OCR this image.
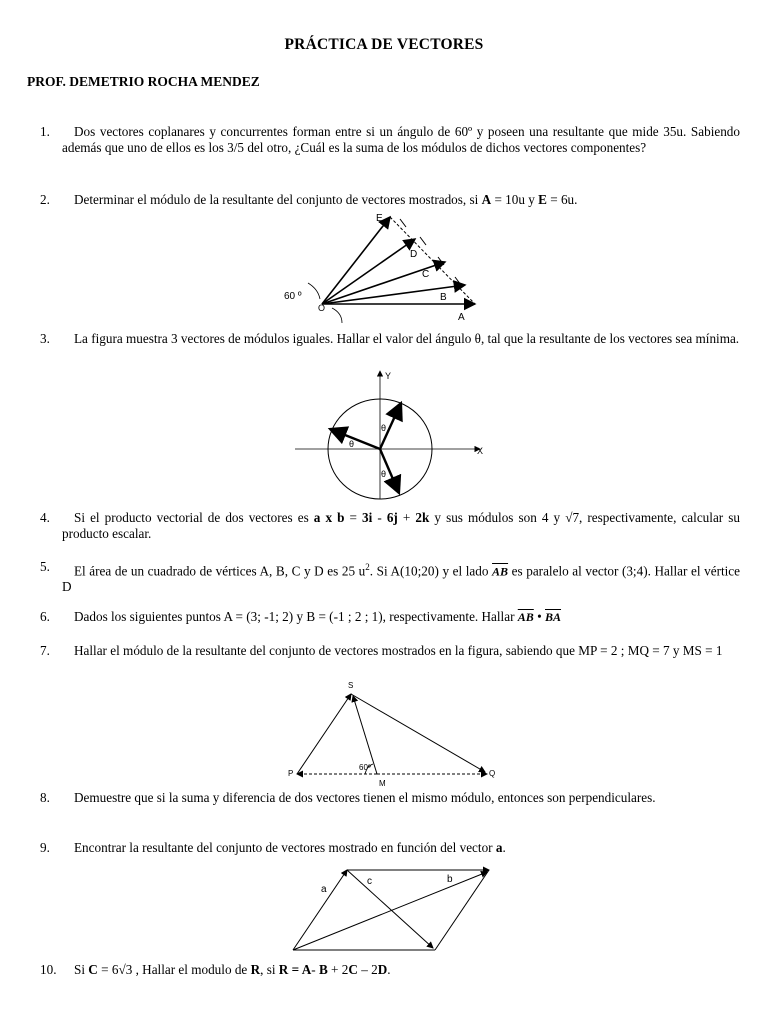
PRÁCTICA DE VECTORES
PROF. DEMETRIO ROCHA MENDEZ
1.	Dos vectores coplanares y concurrentes forman entre si un ángulo de 60º y poseen una resultante que mide 35u. Sabiendo además que uno de ellos es los 3/5 del otro, ¿Cuál es la suma de los módulos de dichos vectores componentes?
2.	Determinar el módulo de la resultante del conjunto de vectores mostrados, si A = 10u y E = 6u.
60 º
O
E
D
C
B
A
3.	La figura muestra 3 vectores de módulos iguales. Hallar el valor del ángulo θ, tal que la resultante de los vectores sea mínima.
Y
X
θ
θ
θ
4.	Si el producto vectorial de dos vectores es a x b = 3i - 6j + 2k y sus módulos son 4 y √7, respectivamente, calcular su producto escalar.
5.	El área de un cuadrado de vértices A, B, C y D es 25 $u^2$. Si A(10;20) y el lado $\overline{AB}$ es paralelo al vector (3;4). Hallar el vértice D
6.	Dados los siguientes puntos A = (3; -1; 2) y B = (-1 ; 2 ; 1), respectivamente. Hallar $\overline{AB}$ • $\overline{BA}$
7.	Hallar el módulo de la resultante del conjunto de vectores mostrados en la figura, sabiendo que MP = 2 ; MQ = 7 y MS = 1
S
P
M
Q
60º
8.	Demuestre que si la suma y diferencia de dos vectores tienen el mismo módulo, entonces son perpendiculares.
9.	Encontrar la resultante del conjunto de vectores mostrado en función del vector a.
a
c	b
10.	Si C = 6√3 , Hallar el modulo de R, si R = A- B + 2C – 2D.
